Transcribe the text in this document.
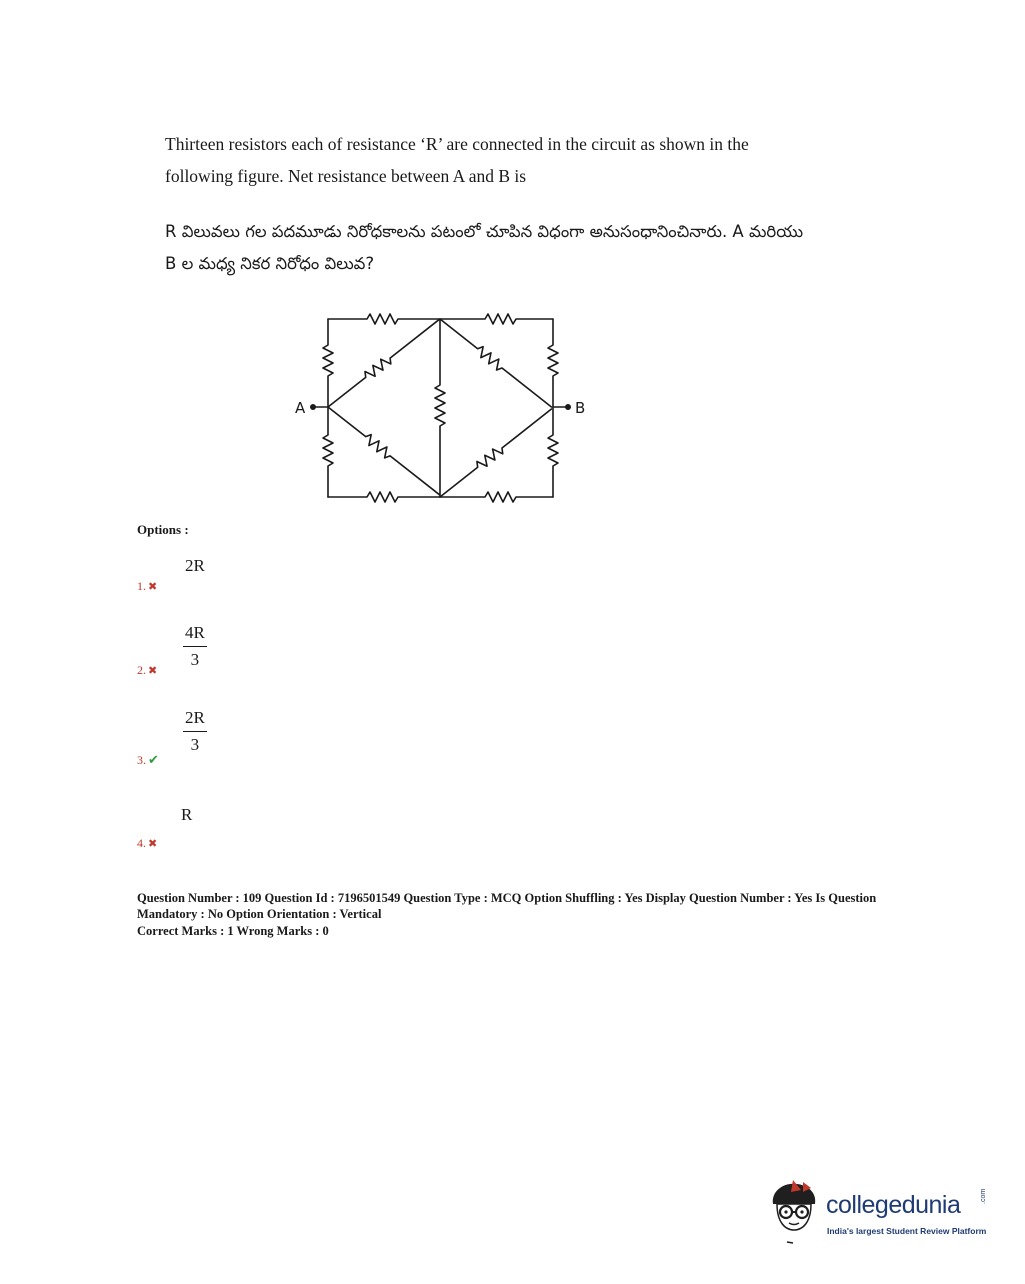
Thirteen resistors each of resistance ‘R’ are connected in the circuit as shown in the

following figure. Net resistance between A and B is

R విలువలు గల పదమూడు నిరోధకాలను పటంలో చూపిన విధంగా అనుసంధానించినారు. A మరియు

B ల మధ్య నికర నిరోధం విలువ?

A	B
Options :
2R
1. ✖
$\frac{4R}{3}$
2. ✖
$\frac{2R}{3}$
3. ✔
R
4. ✖

Question Number : 109 Question Id : 7196501549 Question Type : MCQ Option Shuffling : Yes Display Question Number : Yes Is Question

Mandatory : No Option Orientation : Vertical

Correct Marks : 1 Wrong Marks : 0

collegedunia	.com
India's largest Student Review Platform
